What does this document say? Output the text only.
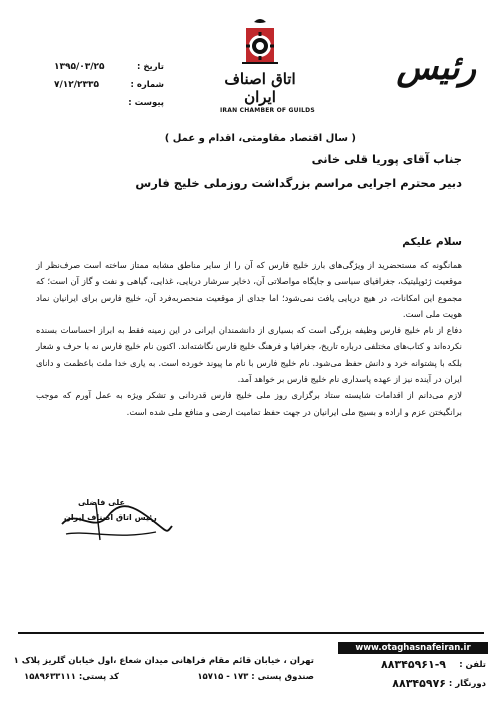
رئیس
اتاق اصناف ایران
IRAN CHAMBER OF GUILDS
۱۳۹۵/۰۳/۲۵	تاریخ :
۷/۱۲/۲۳۳۵	شماره :
پیوست :
( سال اقتصاد مقاومتی، اقدام و عمل )
جناب آقای پوریا قلی خانی
دبیر محترم اجرایی مراسم بزرگداشت روزملی خلیج فارس
سلام علیکم

همانگونه که مستحضرید از ویژگی‌های بارز خلیج فارس که آن را از سایر مناطق مشابه ممتاز ساخته است صرف‌نظر از موقعیت ژئوپلیتیک، جغرافیای سیاسی و جایگاه مواصلاتی آن، ذخایر سرشار دریایی، غذایی، گیاهی و نفت و گاز آن است؛ که مجموع این امکانات، در هیچ دریایی یافت نمی‌شود؛ اما جدای از موقعیت منحصربه‌فرد آن، خلیج فارس برای ایرانیان نماد هویت ملی است.

دفاع از نام خلیج فارس وظیفه بزرگی است که بسیاری از دانشمندان ایرانی در این زمینه فقط به ابراز احساسات بسنده نکرده‌اند و کتاب‌های مختلفی درباره تاریخ، جغرافیا و فرهنگ خلیج فارس نگاشته‌اند. اکنون نام خلیج فارس نه با حرف و شعار بلکه با پشتوانه خرد و دانش حفظ می‌شود. نام خلیج فارس با نام ما پیوند خورده است. به یاری خدا ملت باعظمت و دانای ایران در آینده نیز از عهده پاسداری نام خلیج فارس بر خواهد آمد.

لازم می‌دانم از اقدامات شایسته ستاد برگزاری روز ملی خلیج فارس قدردانی و تشکر ویژه به عمل آورم که موجب برانگیختن عزم و اراده و بسیج ملی ایرانیان در جهت حفظ تمامیت ارضی و منافع ملی شده است.

علی فاضلی
رئیس اتاق اصناف ایران
www.otaghasnafeiran.ir
تلفن :
۸۸۳۴۵۹۶۱-۹
دورنگار :
۸۸۳۴۵۹۷۶
تهران ، خیابان قائم مقام فراهانی میدان شعاع ،اول خیابان گلریز پلاک ۱
صندوق پستی : ۱۷۳ - ۱۵۷۱۵
کد پستی: ۱۵۸۹۶۳۳۱۱۱
